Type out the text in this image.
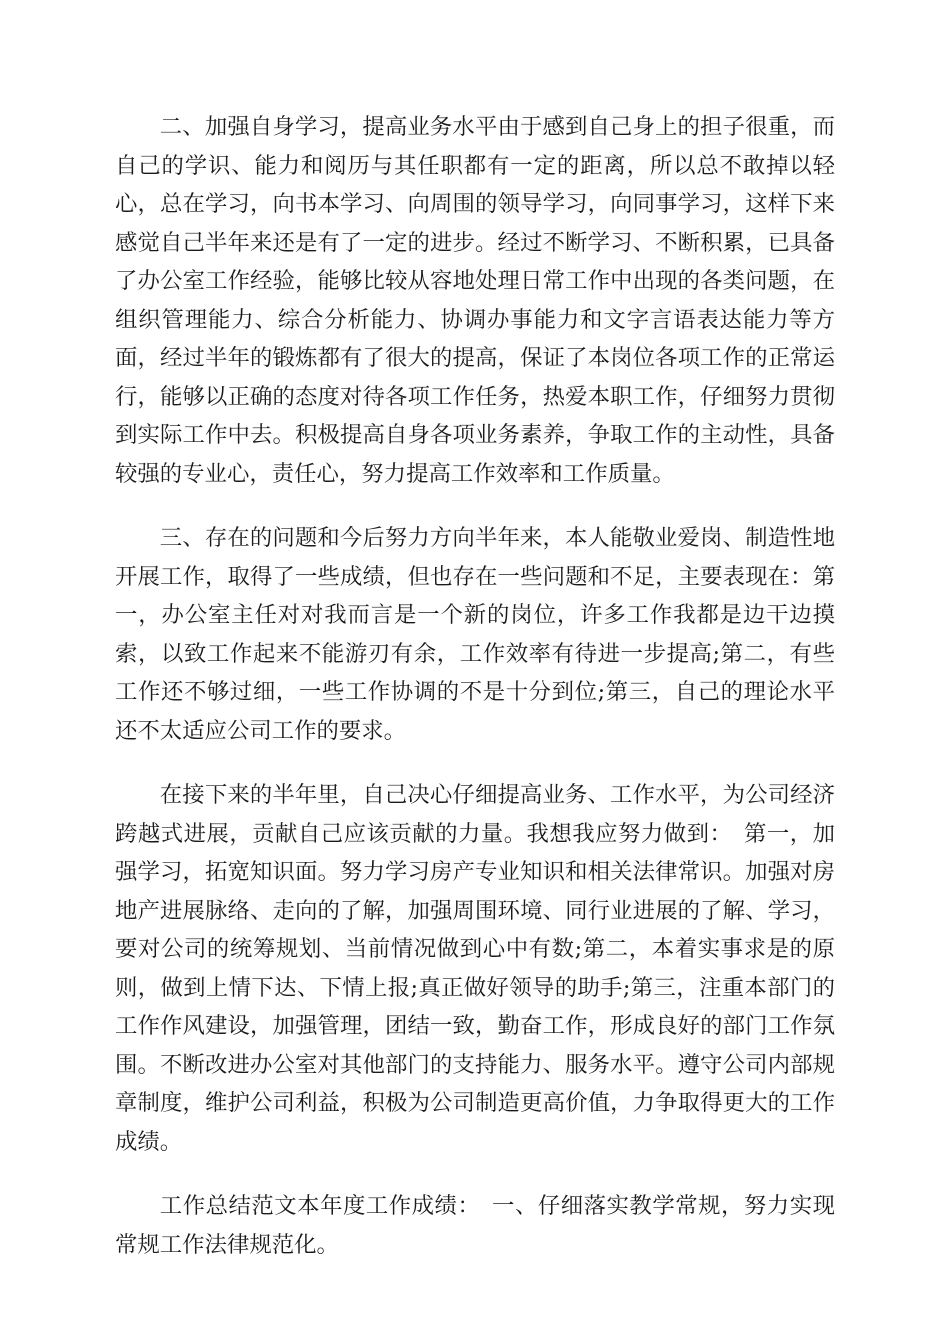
二、加强自身学习，提高业务水平由于感到自己身上的担子很重，而自己的学识、能力和阅历与其任职都有一定的距离，所以总不敢掉以轻心，总在学习，向书本学习、向周围的领导学习，向同事学习，这样下来感觉自己半年来还是有了一定的进步。经过不断学习、不断积累，已具备了办公室工作经验，能够比较从容地处理日常工作中出现的各类问题，在组织管理能力、综合分析能力、协调办事能力和文字言语表达能力等方面，经过半年的锻炼都有了很大的提高，保证了本岗位各项工作的正常运行，能够以正确的态度对待各项工作任务，热爱本职工作，仔细努力贯彻到实际工作中去。积极提高自身各项业务素养，争取工作的主动性，具备较强的专业心，责任心，努力提高工作效率和工作质量。

三、存在的问题和今后努力方向半年来，本人能敬业爱岗、制造性地开展工作，取得了一些成绩，但也存在一些问题和不足，主要表现在：第一，办公室主任对对我而言是一个新的岗位，许多工作我都是边干边摸索，以致工作起来不能游刃有余，工作效率有待进一步提高;第二，有些工作还不够过细，一些工作协调的不是十分到位;第三，自己的理论水平还不太适应公司工作的要求。

在接下来的半年里，自己决心仔细提高业务、工作水平，为公司经济跨越式进展，贡献自己应该贡献的力量。我想我应努力做到：　第一，加强学习，拓宽知识面。努力学习房产专业知识和相关法律常识。加强对房地产进展脉络、走向的了解，加强周围环境、同行业进展的了解、学习，要对公司的统筹规划、当前情况做到心中有数;第二，本着实事求是的原则，做到上情下达、下情上报;真正做好领导的助手;第三，注重本部门的工作作风建设，加强管理，团结一致，勤奋工作，形成良好的部门工作氛围。不断改进办公室对其他部门的支持能力、服务水平。遵守公司内部规章制度，维护公司利益，积极为公司制造更高价值，力争取得更大的工作成绩。

工作总结范文本年度工作成绩：　一、仔细落实教学常规，努力实现常规工作法律规范化。
